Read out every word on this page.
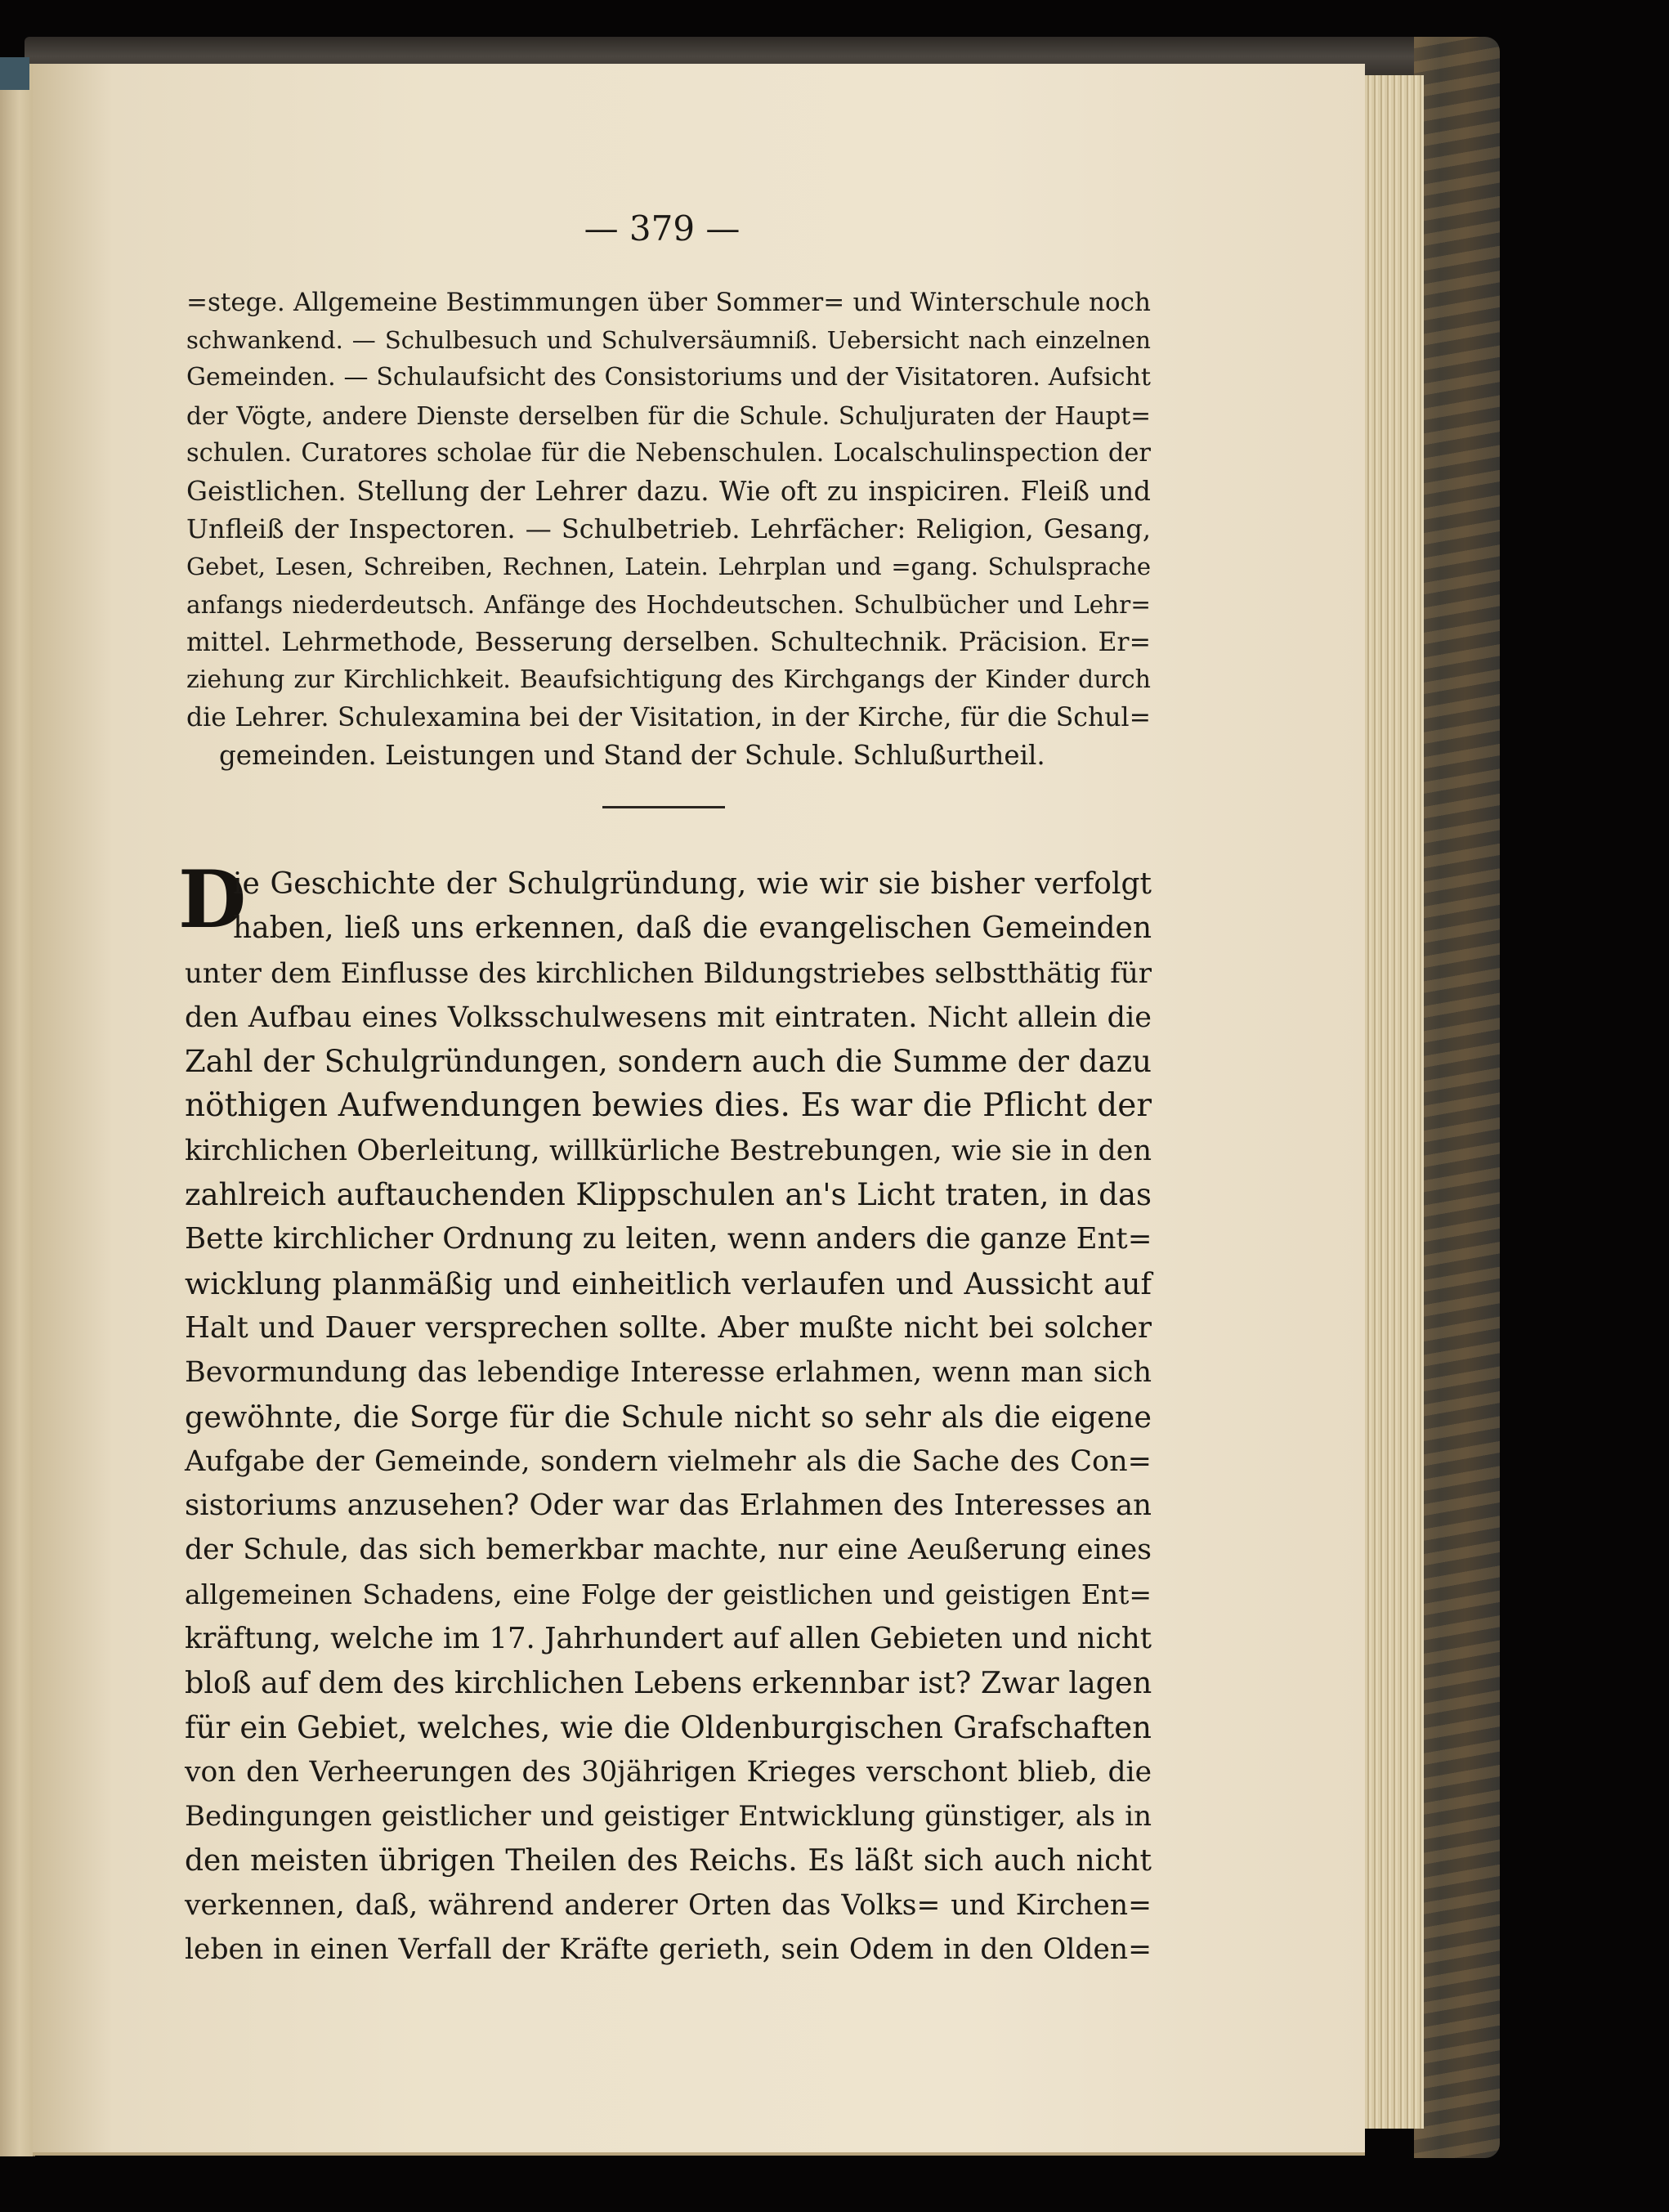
— 379 —
=stege. Allgemeine Bestimmungen über Sommer= und Winterschule noch
schwankend. — Schulbesuch und Schulversäumniß. Uebersicht nach einzelnen
Gemeinden. — Schulaufsicht des Consistoriums und der Visitatoren. Aufsicht
der Vögte, andere Dienste derselben für die Schule. Schuljuraten der Haupt=
schulen. Curatores scholae für die Nebenschulen. Localschulinspection der
Geistlichen. Stellung der Lehrer dazu. Wie oft zu inspiciren. Fleiß und
Unfleiß der Inspectoren. — Schulbetrieb. Lehrfächer: Religion, Gesang,
Gebet, Lesen, Schreiben, Rechnen, Latein. Lehrplan und =gang. Schulsprache
anfangs niederdeutsch. Anfänge des Hochdeutschen. Schulbücher und Lehr=
mittel. Lehrmethode, Besserung derselben. Schultechnik. Präcision. Er=
ziehung zur Kirchlichkeit. Beaufsichtigung des Kirchgangs der Kinder durch
die Lehrer. Schulexamina bei der Visitation, in der Kirche, für die Schul=
gemeinden. Leistungen und Stand der Schule. Schlußurtheil.
D
ie Geschichte der Schulgründung, wie wir sie bisher verfolgt
haben, ließ uns erkennen, daß die evangelischen Gemeinden
unter dem Einflusse des kirchlichen Bildungstriebes selbstthätig für
den Aufbau eines Volksschulwesens mit eintraten. Nicht allein die
Zahl der Schulgründungen, sondern auch die Summe der dazu
nöthigen Aufwendungen bewies dies. Es war die Pflicht der
kirchlichen Oberleitung, willkürliche Bestrebungen, wie sie in den
zahlreich auftauchenden Klippschulen an's Licht traten, in das
Bette kirchlicher Ordnung zu leiten, wenn anders die ganze Ent=
wicklung planmäßig und einheitlich verlaufen und Aussicht auf
Halt und Dauer versprechen sollte. Aber mußte nicht bei solcher
Bevormundung das lebendige Interesse erlahmen, wenn man sich
gewöhnte, die Sorge für die Schule nicht so sehr als die eigene
Aufgabe der Gemeinde, sondern vielmehr als die Sache des Con=
sistoriums anzusehen? Oder war das Erlahmen des Interesses an
der Schule, das sich bemerkbar machte, nur eine Aeußerung eines
allgemeinen Schadens, eine Folge der geistlichen und geistigen Ent=
kräftung, welche im 17. Jahrhundert auf allen Gebieten und nicht
bloß auf dem des kirchlichen Lebens erkennbar ist? Zwar lagen
für ein Gebiet, welches, wie die Oldenburgischen Grafschaften
von den Verheerungen des 30jährigen Krieges verschont blieb, die
Bedingungen geistlicher und geistiger Entwicklung günstiger, als in
den meisten übrigen Theilen des Reichs. Es läßt sich auch nicht
verkennen, daß, während anderer Orten das Volks= und Kirchen=
leben in einen Verfall der Kräfte gerieth, sein Odem in den Olden=
